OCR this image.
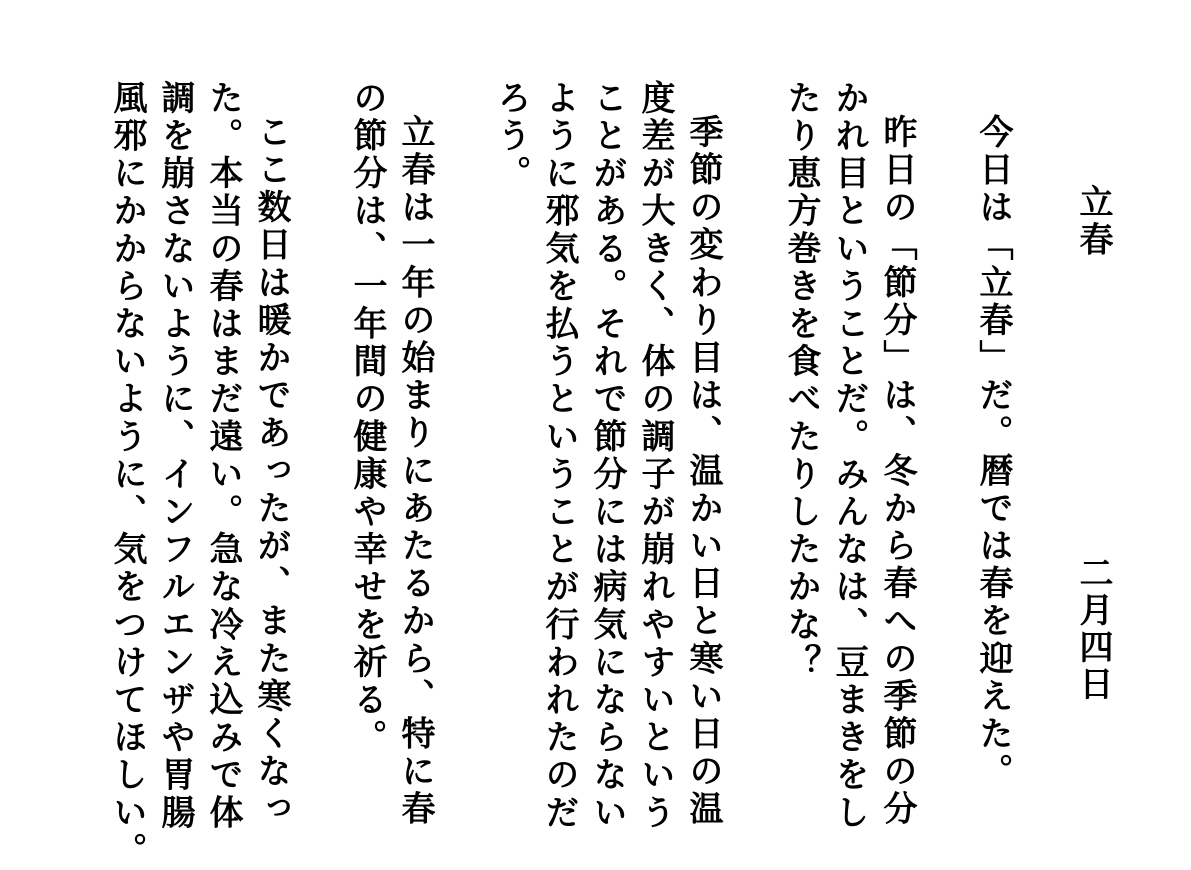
立春
二月四日
今日は「立春」だ。暦では春を迎えた。
昨日の「節分」は、冬から春への季節の分
かれ目ということだ。みんなは、豆まきをし
たり恵方巻きを食べたりしたかな？
季節の変わり目は、温かい日と寒い日の温
度差が大きく、体の調子が崩れやすいという
ことがある。それで節分には病気にならない
ように邪気を払うということが行われたのだ
ろう。
立春は一年の始まりにあたるから、特に春
の節分は、一年間の健康や幸せを祈る。
ここ数日は暖かであったが、また寒くなっ
た。本当の春はまだ遠い。急な冷え込みで体
調を崩さないように、インフルエンザや胃腸
風邪にかからないように、気をつけてほしい。
